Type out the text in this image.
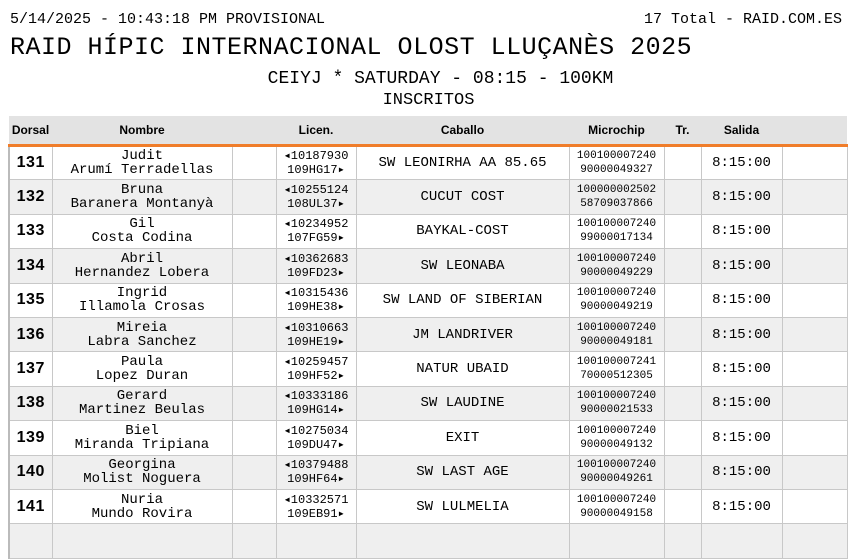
5/14/2025 - 10:43:18 PM PROVISIONAL	17 Total - RAID.COM.ES
RAID HÍPIC INTERNACIONAL OLOST LLUÇANÈS 2025
CEIYJ * SATURDAY - 08:15 - 100KM
INSCRITOS
Dorsal	Nombre		Licen.	Caballo	Microchip	Tr.	Salida	
131	Judit
Arumí Terradellas		◂10187930
109HG17▸	SW LEONIRHA AA 85.65	100100007240
90000049327		8:15:00	
132	Bruna
Baranera Montanyà		◂10255124
108UL37▸	CUCUT COST	100000002502
58709037866		8:15:00	
133	Gil
Costa Codina		◂10234952
107FG59▸	BAYKAL-COST	100100007240
99000017134		8:15:00	
134	Abril
Hernandez Lobera		◂10362683
109FD23▸	SW LEONABA	100100007240
90000049229		8:15:00	
135	Ingrid
Illamola Crosas		◂10315436
109HE38▸	SW LAND OF SIBERIAN	100100007240
90000049219		8:15:00	
136	Mireia
Labra Sanchez		◂10310663
109HE19▸	JM LANDRIVER	100100007240
90000049181		8:15:00	
137	Paula
Lopez Duran		◂10259457
109HF52▸	NATUR UBAID	100100007241
70000512305		8:15:00	
138	Gerard
Martinez Beulas		◂10333186
109HG14▸	SW LAUDINE	100100007240
90000021533		8:15:00	
139	Biel
Miranda Tripiana		◂10275034
109DU47▸	EXIT	100100007240
90000049132		8:15:00	
140	Georgina
Molist Noguera		◂10379488
109HF64▸	SW LAST AGE	100100007240
90000049261		8:15:00	
141	Nuria
Mundo Rovira		◂10332571
109EB91▸	SW LULMELIA	100100007240
90000049158		8:15:00	
